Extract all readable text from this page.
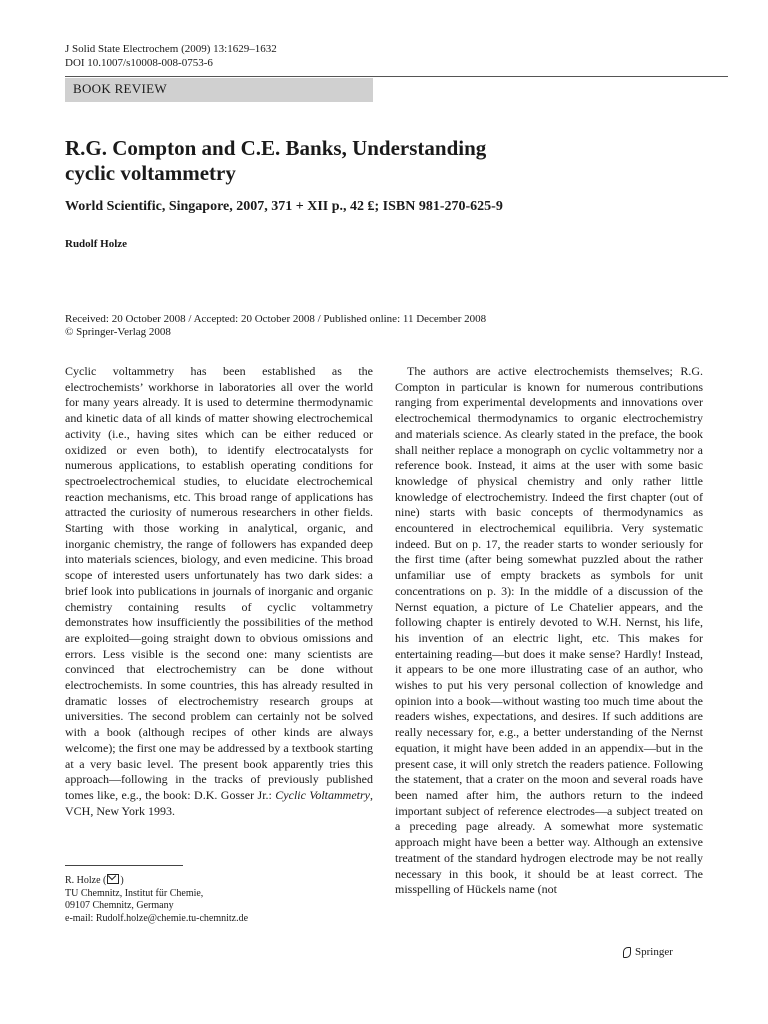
J Solid State Electrochem (2009) 13:1629–1632
DOI 10.1007/s10008-008-0753-6
BOOK REVIEW
R.G. Compton and C.E. Banks, Understanding
cyclic voltammetry
World Scientific, Singapore, 2007, 371 + XII p., 42 ₤; ISBN 981-270-625-9
Rudolf Holze
Received: 20 October 2008 / Accepted: 20 October 2008 / Published online: 11 December 2008
© Springer-Verlag 2008

Cyclic voltammetry has been established as the electrochemists’ workhorse in laboratories all over the world for many years already. It is used to determine thermodynamic and kinetic data of all kinds of matter showing electrochemical activity (i.e., having sites which can be either reduced or oxidized or even both), to identify electrocatalysts for numerous applications, to establish operating conditions for spectroelectrochemical studies, to elucidate electrochemical reaction mechanisms, etc. This broad range of applications has attracted the curiosity of numerous researchers in other fields. Starting with those working in analytical, organic, and inorganic chemistry, the range of followers has expanded deep into materials sciences, biology, and even medicine. This broad scope of interested users unfortunately has two dark sides: a brief look into publications in journals of inorganic and organic chemistry containing results of cyclic voltammetry demonstrates how insufficiently the possibilities of the method are exploited—going straight down to obvious omissions and errors. Less visible is the second one: many scientists are convinced that electrochemistry can be done without electrochemists. In some countries, this has already resulted in dramatic losses of electrochemistry research groups at universities. The second problem can certainly not be solved with a book (although recipes of other kinds are always welcome); the first one may be addressed by a textbook starting at a very basic level. The present book apparently tries this approach—following in the tracks of previously published tomes like, e.g., the book: D.K. Gosser Jr.: Cyclic Voltammetry, VCH, New York 1993.

The authors are active electrochemists themselves; R.G. Compton in particular is known for numerous contributions ranging from experimental developments and innovations over electrochemical thermodynamics to organic electrochemistry and materials science. As clearly stated in the preface, the book shall neither replace a monograph on cyclic voltammetry nor a reference book. Instead, it aims at the user with some basic knowledge of physical chemistry and only rather little knowledge of electrochemistry. Indeed the first chapter (out of nine) starts with basic concepts of thermodynamics as encountered in electrochemical equilibria. Very systematic indeed. But on p. 17, the reader starts to wonder seriously for the first time (after being somewhat puzzled about the rather unfamiliar use of empty brackets as symbols for unit concentrations on p. 3): In the middle of a discussion of the Nernst equation, a picture of Le Chatelier appears, and the following chapter is entirely devoted to W.H. Nernst, his life, his invention of an electric light, etc. This makes for entertaining reading—but does it make sense? Hardly! Instead, it appears to be one more illustrating case of an author, who wishes to put his very personal collection of knowledge and opinion into a book—without wasting too much time about the readers wishes, expectations, and desires. If such additions are really necessary for, e.g., a better understanding of the Nernst equation, it might have been added in an appendix—but in the present case, it will only stretch the readers patience. Following the statement, that a crater on the moon and several roads have been named after him, the authors return to the indeed important subject of reference electrodes—a subject treated on a preceding page already. A somewhat more systematic approach might have been a better way. Although an extensive treatment of the standard hydrogen electrode may be not really necessary in this book, it should be at least correct. The misspelling of Hückels name (not

R. Holze ( )
TU Chemnitz, Institut für Chemie,
09107 Chemnitz, Germany
e-mail: Rudolf.holze@chemie.tu-chemnitz.de
Springer
